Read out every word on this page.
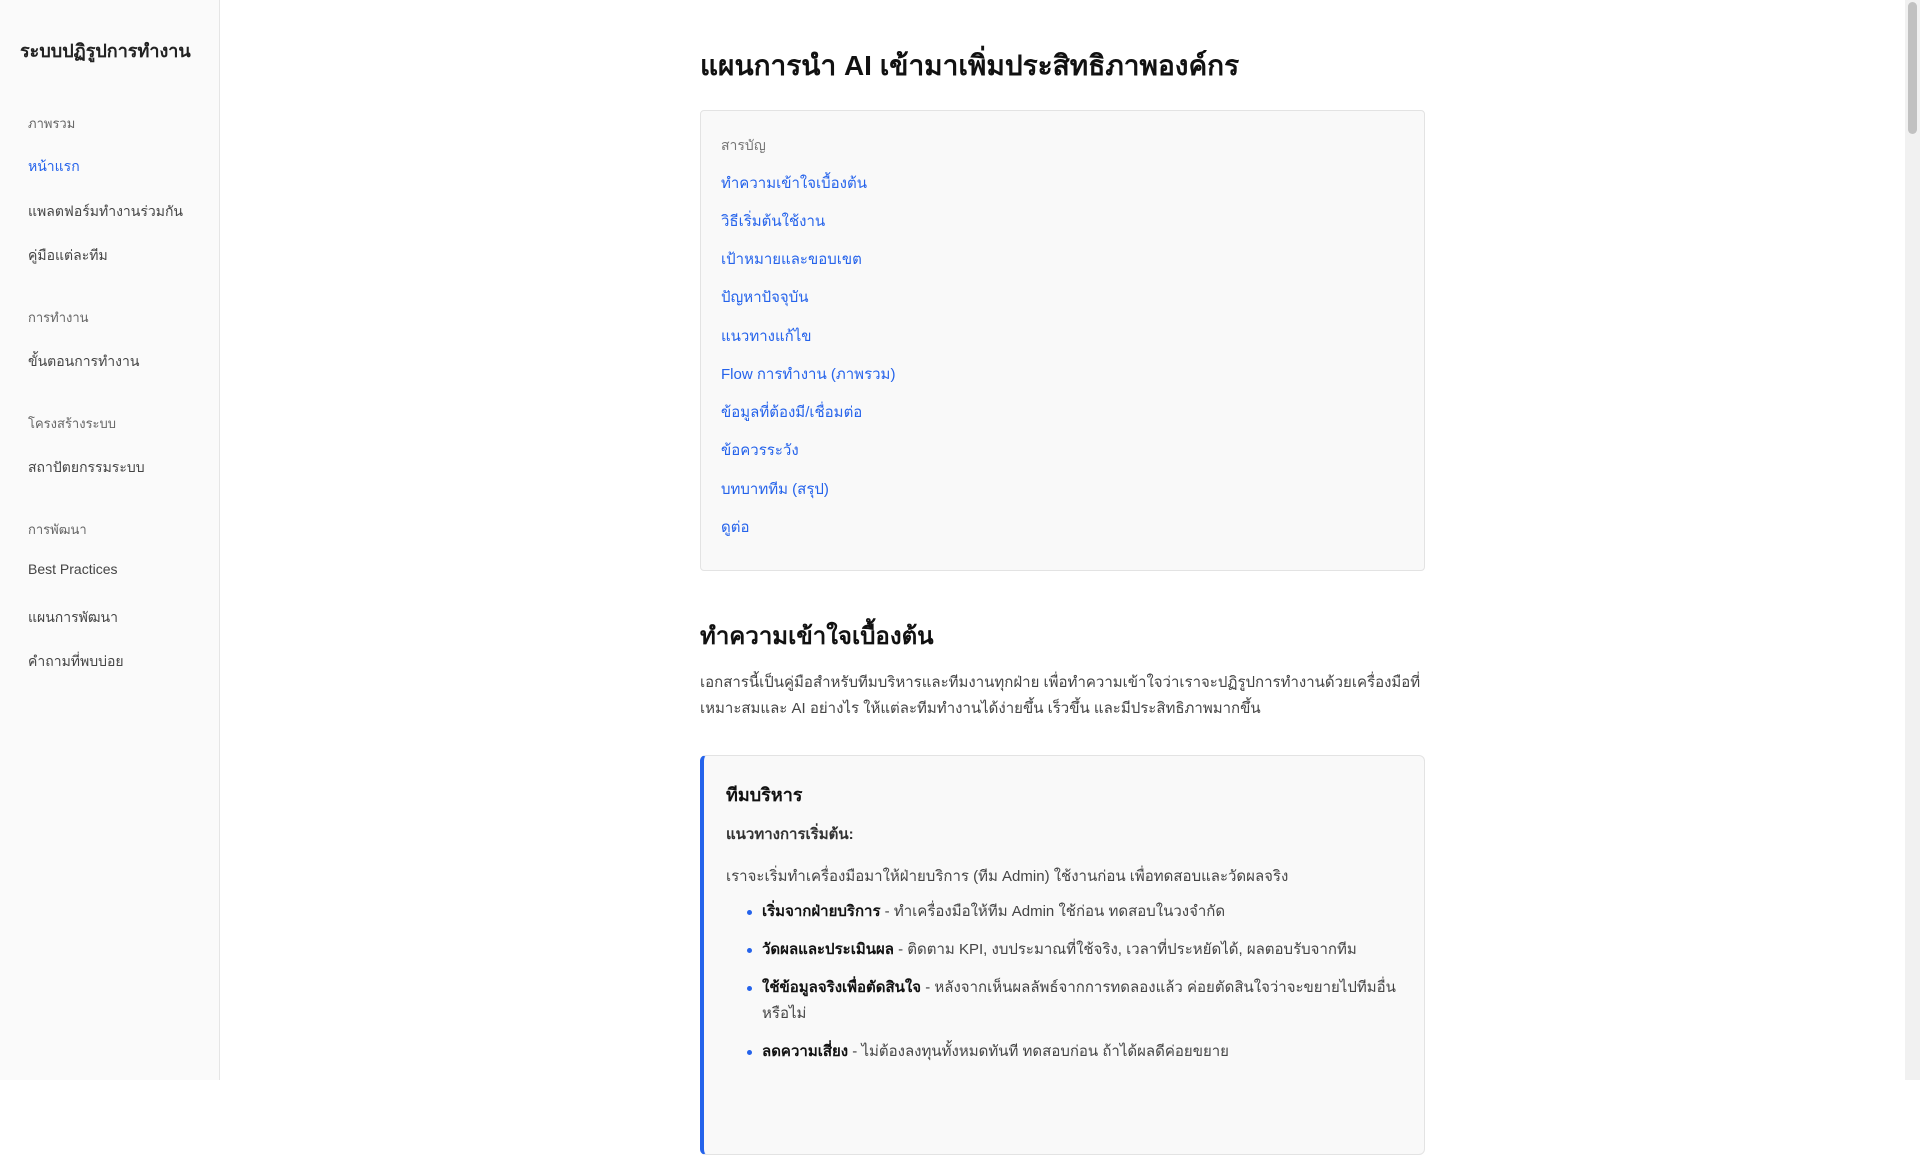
ระบบปฏิรูปการทำงาน
ภาพรวม
หน้าแรก
แพลตฟอร์มทำงานร่วมกัน
คู่มือแต่ละทีม
การทำงาน
ขั้นตอนการทำงาน
โครงสร้างระบบ
สถาปัตยกรรมระบบ
การพัฒนา
Best Practices
แผนการพัฒนา
คำถามที่พบบ่อย
แผนการนำ AI เข้ามาเพิ่มประสิทธิภาพองค์กร
สารบัญ
ทำความเข้าใจเบื้องต้น
วิธีเริ่มต้นใช้งาน
เป้าหมายและขอบเขต
ปัญหาปัจจุบัน
แนวทางแก้ไข
Flow การทำงาน (ภาพรวม)
ข้อมูลที่ต้องมี/เชื่อมต่อ
ข้อควรระวัง
บทบาททีม (สรุป)
ดูต่อ
ทำความเข้าใจเบื้องต้น

เอกสารนี้เป็นคู่มือสำหรับทีมบริหารและทีมงานทุกฝ่าย เพื่อทำความเข้าใจว่าเราจะปฏิรูปการทำงานด้วยเครื่องมือที่เหมาะสมและ AI อย่างไร ให้แต่ละทีมทำงานได้ง่ายขึ้น เร็วขึ้น และมีประสิทธิภาพมากขึ้น

ทีมบริหาร
แนวทางการเริ่มต้น:
เราจะเริ่มทำเครื่องมือมาให้ฝ่ายบริการ (ทีม Admin) ใช้งานก่อน เพื่อทดสอบและวัดผลจริง
เริ่มจากฝ่ายบริการ - ทำเครื่องมือให้ทีม Admin ใช้ก่อน ทดสอบในวงจำกัด
วัดผลและประเมินผล - ติดตาม KPI, งบประมาณที่ใช้จริง, เวลาที่ประหยัดได้, ผลตอบรับจากทีม
ใช้ข้อมูลจริงเพื่อตัดสินใจ - หลังจากเห็นผลลัพธ์จากการทดลองแล้ว ค่อยตัดสินใจว่าจะขยายไปทีมอื่นหรือไม่
ลดความเสี่ยง - ไม่ต้องลงทุนทั้งหมดทันที ทดสอบก่อน ถ้าได้ผลดีค่อยขยาย
